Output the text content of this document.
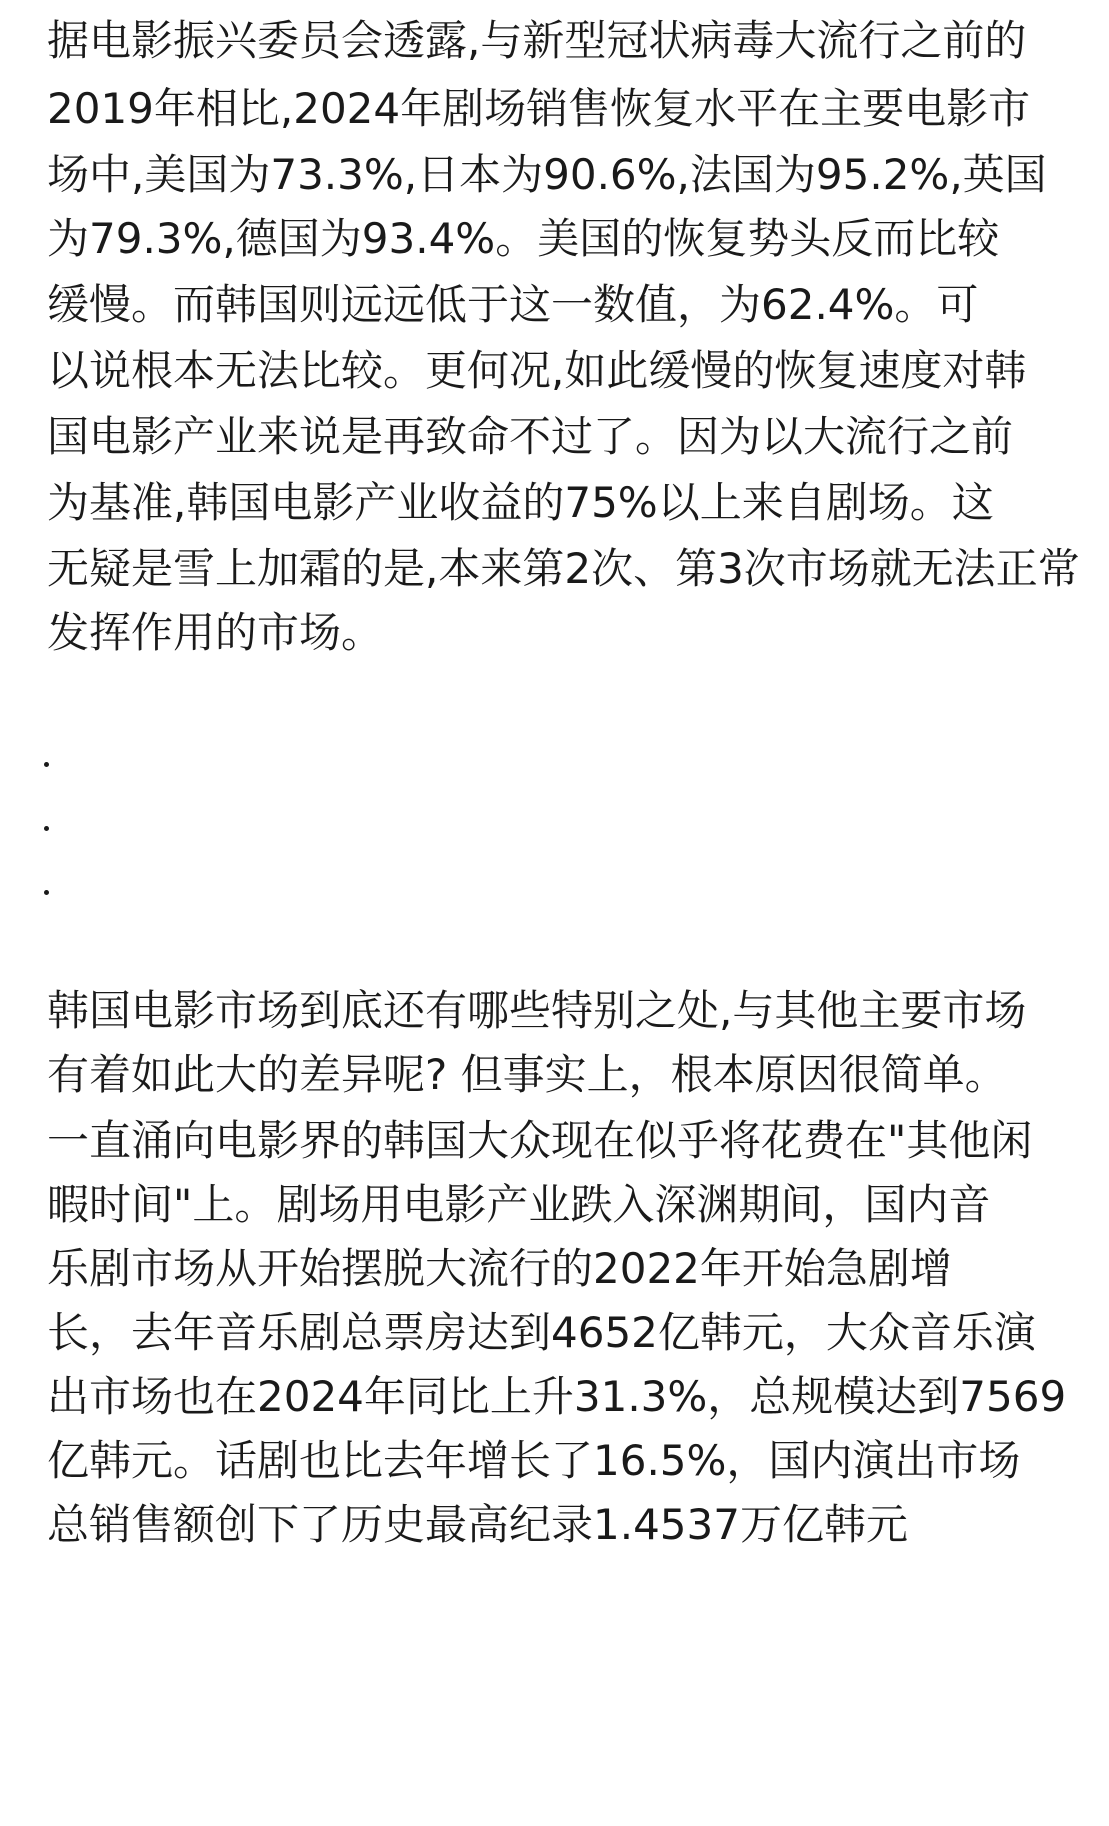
据电影振兴委员会透露,与新型冠状病毒大流行之前的

2019年相比,2024年剧场销售恢复水平在主要电影市

场中,美国为73.3%,日本为90.6%,法国为95.2%,英国

为79.3%,德国为93.4%。美国的恢复势头反而比较

缓慢。而韩国则远远低于这一数值，为62.4%。可

以说根本无法比较。更何况,如此缓慢的恢复速度对韩

国电影产业来说是再致命不过了。因为以大流行之前

为基准,韩国电影产业收益的75%以上来自剧场。这

无疑是雪上加霜的是,本来第2次、第3次市场就无法正常

发挥作用的市场。

韩国电影市场到底还有哪些特别之处,与其他主要市场

有着如此大的差异呢? 但事实上，根本原因很简单。

一直涌向电影界的韩国大众现在似乎将花费在"其他闲

暇时间"上。剧场用电影产业跌入深渊期间，国内音

乐剧市场从开始摆脱大流行的2022年开始急剧增

长，去年音乐剧总票房达到4652亿韩元，大众音乐演

出市场也在2024年同比上升31.3%，总规模达到7569

亿韩元。话剧也比去年增长了16.5%，国内演出市场

总销售额创下了历史最高纪录1.4537万亿韩元
